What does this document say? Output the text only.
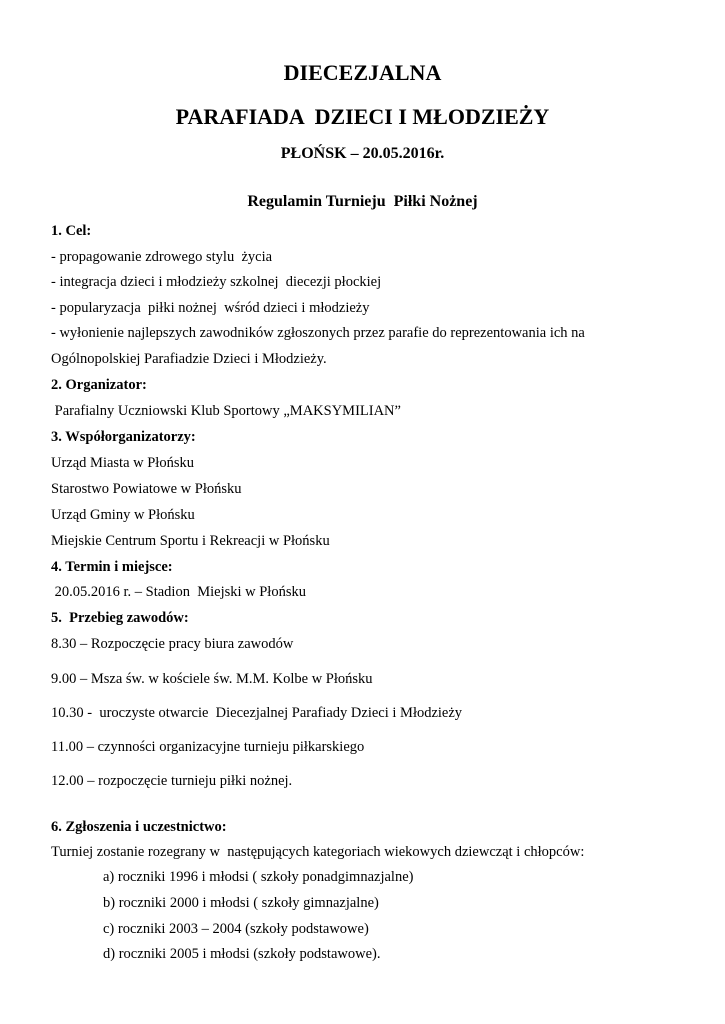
DIECEZJALNA
PARAFIADA  DZIECI I MŁODZIEŻY
PŁOŃSK – 20.05.2016r.
Regulamin Turnieju  Piłki Nożnej
1. Cel:
- propagowanie zdrowego stylu  życia
- integracja dzieci i młodzieży szkolnej  diecezji płockiej
- popularyzacja  piłki nożnej  wśród dzieci i młodzieży
- wyłonienie najlepszych zawodników zgłoszonych przez parafie do reprezentowania ich na
Ogólnopolskiej Parafiadzie Dzieci i Młodzieży.
2. Organizator:
Parafialny Uczniowski Klub Sportowy „MAKSYMILIAN”
3. Współorganizatorzy:
Urząd Miasta w Płońsku
Starostwo Powiatowe w Płońsku
Urząd Gminy w Płońsku
Miejskie Centrum Sportu i Rekreacji w Płońsku
4. Termin i miejsce:
20.05.2016 r. – Stadion  Miejski w Płońsku
5.  Przebieg zawodów:
8.30 – Rozpoczęcie pracy biura zawodów
9.00 – Msza św. w kościele św. M.M. Kolbe w Płońsku
10.30 -  uroczyste otwarcie  Diecezjalnej Parafiady Dzieci i Młodzieży
11.00 – czynności organizacyjne turnieju piłkarskiego
12.00 – rozpoczęcie turnieju piłki nożnej.
6. Zgłoszenia i uczestnictwo:
Turniej zostanie rozegrany w  następujących kategoriach wiekowych dziewcząt i chłopców:
a) roczniki 1996 i młodsi ( szkoły ponadgimnazjalne)
b) roczniki 2000 i młodsi ( szkoły gimnazjalne)
c) roczniki 2003 – 2004 (szkoły podstawowe)
d) roczniki 2005 i młodsi (szkoły podstawowe).
